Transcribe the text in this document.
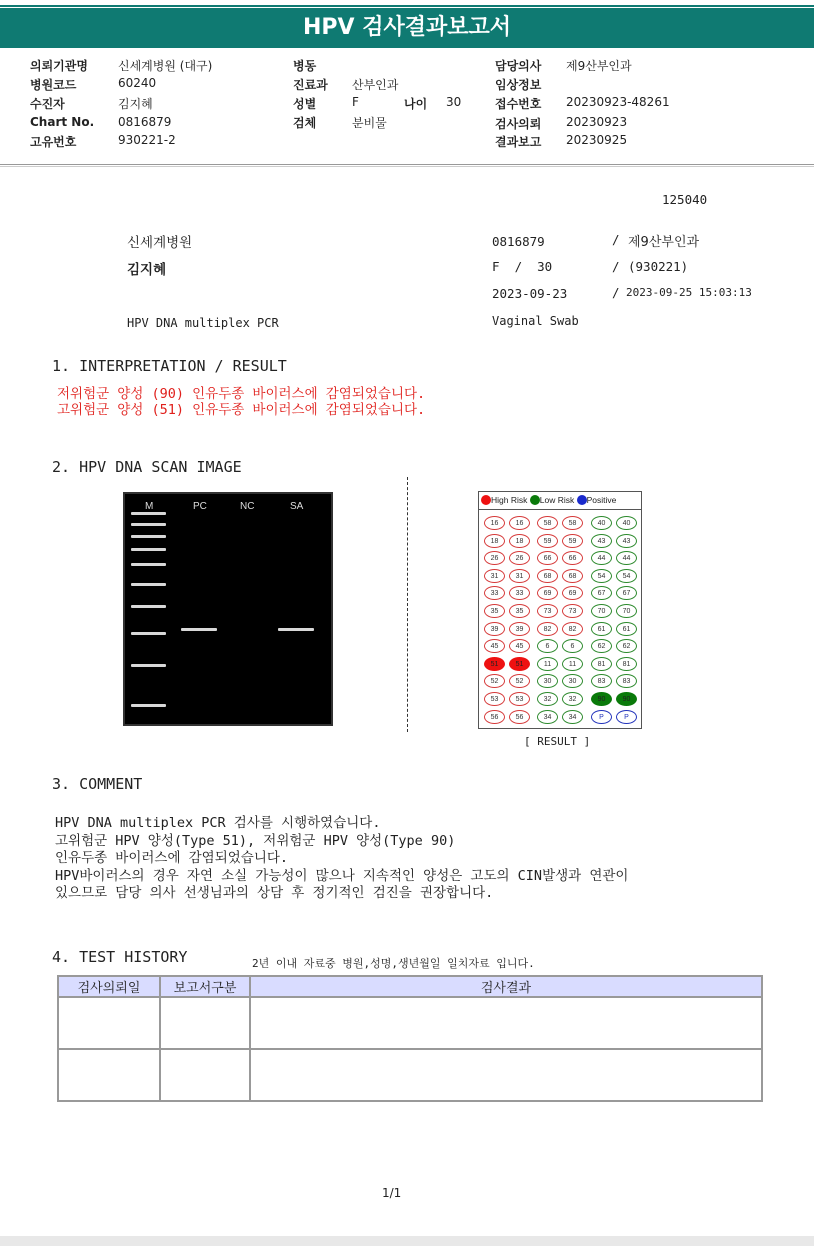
HPV 검사결과보고서
의뢰기관명	신세계병원 (대구)
병원코드	60240
수진자	김지혜
Chart No. 0816879
고유번호	930221-2
병동
진료과 산부인과
성별	F	나이 30
검체	분비물
담당의사 제9산부인과
임상정보
접수번호 20230923-48261
검사의뢰 20230923
결과보고 20230925
125040
신세계병원
김지혜
HPV DNA multiplex PCR
0816879	/ 제9산부인과
F  /  30	/ (930221)
2023-09-23	/ 2023-09-25 15:03:13
Vaginal Swab
1. INTERPRETATION / RESULT
저위험군 양성 (90) 인유두종 바이러스에 감염되었습니다.
고위험군 양성 (51) 인유두종 바이러스에 감염되었습니다.
2. HPV DNA SCAN IMAGE
M	PC	NC	SA
High Risk Low Risk Positive
16	16	58	58	40	40
18	18	59	59	43	43
26	26	66	66	44	44
31	31	68	68	54	54
33	33	69	69	67	67
35	35	73	73	70	70
39	39	82	82	61	61
45	45	6	6	62	62
51	51	11	11	81	81
52	52	30	30	83	83
53	53	32	32	90	90
56	56	34	34	P	P
[ RESULT ]
3. COMMENT
HPV DNA multiplex PCR 검사를 시행하였습니다.
고위험군 HPV 양성(Type 51), 저위험군 HPV 양성(Type 90)
인유두종 바이러스에 감염되었습니다.
HPV바이러스의 경우 자연 소실 가능성이 많으나 지속적인 양성은 고도의 CIN발생과 연관이
있으므로 담당 의사 선생님과의 상담 후 정기적인 검진을 권장합니다.
4. TEST HISTORY	2년 이내 자료중 병원,성명,생년월일 일치자료 입니다.
검사의뢰일	보고서구분	검사결과

1/1
